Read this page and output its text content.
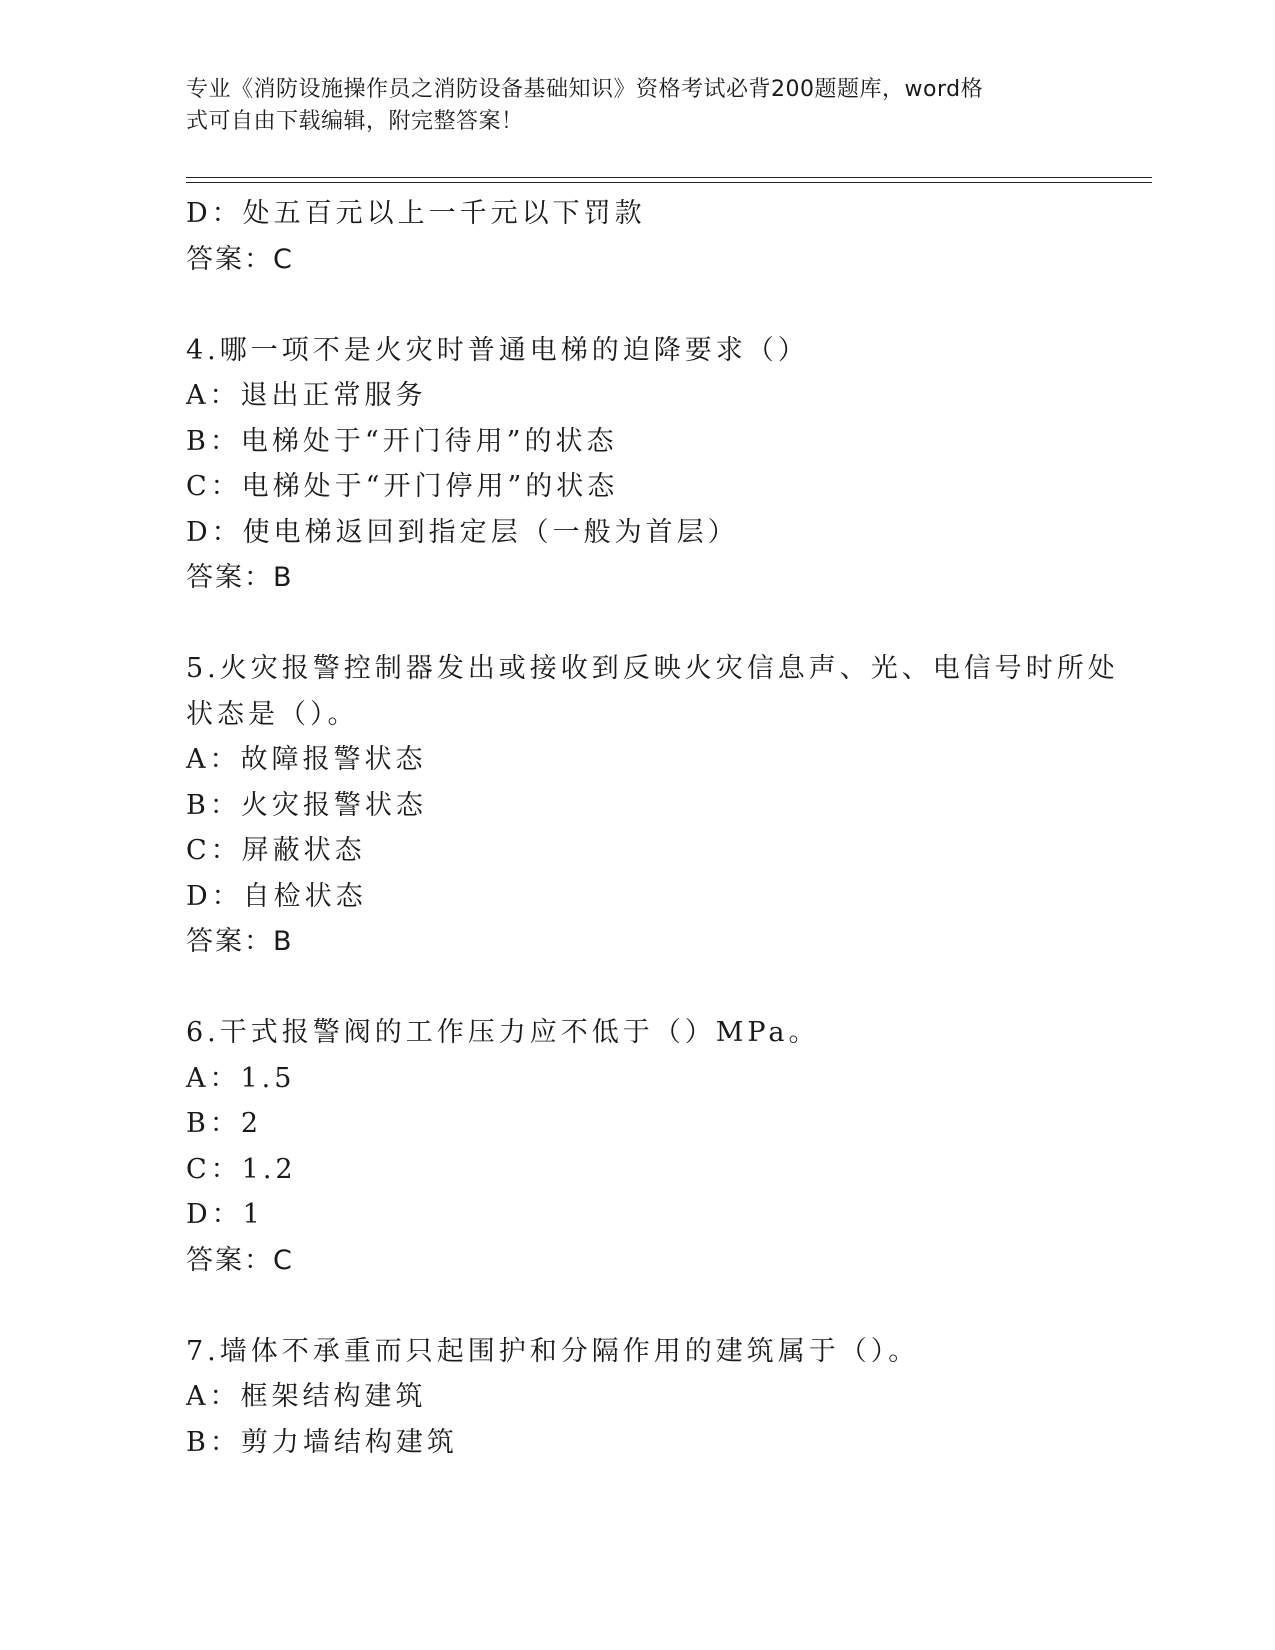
专业《消防设施操作员之消防设备基础知识》资格考试必背200题题库，word格
式可自由下载编辑，附完整答案！
D：处五百元以上一千元以下罚款
答案：C
4.哪一项不是火灾时普通电梯的迫降要求（）
A：退出正常服务
B：电梯处于“开门待用”的状态
C：电梯处于“开门停用”的状态
D：使电梯返回到指定层（一般为首层）
答案：B
5.火灾报警控制器发出或接收到反映火灾信息声、光、电信号时所处
状态是（）。
A：故障报警状态
B：火灾报警状态
C：屏蔽状态
D：自检状态
答案：B
6.干式报警阀的工作压力应不低于（）MPa。
A：1.5
B：2
C：1.2
D：1
答案：C
7.墙体不承重而只起围护和分隔作用的建筑属于（）。
A：框架结构建筑
B：剪力墙结构建筑
